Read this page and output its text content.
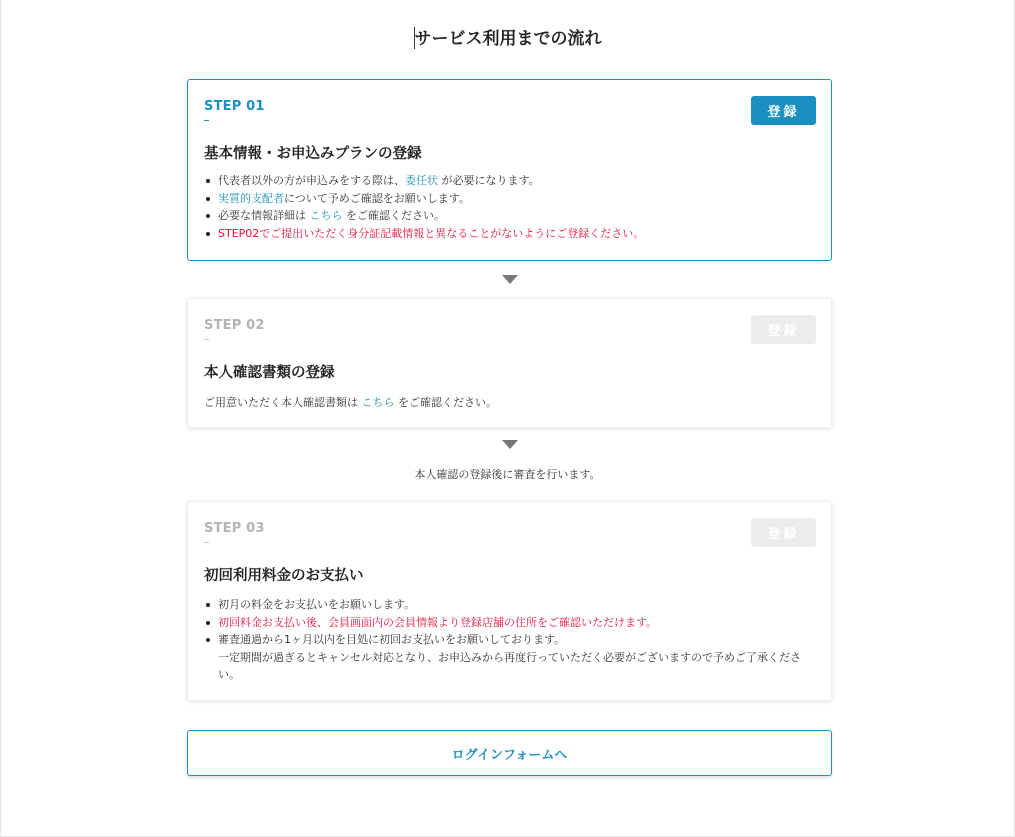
サービス利用までの流れ
STEP 01	登録
基本情報・お申込みプランの登録
代表者以外の方が申込みをする際は、委任状 が必要になります。
実質的支配者について予めご確認をお願いします。
必要な情報詳細は こちら をご確認ください。
STEP02でご提出いただく身分証記載情報と異なることがないようにご登録ください。
STEP 02	登録
本人確認書類の登録
ご用意いただく本人確認書類は こちら をご確認ください。
本人確認の登録後に審査を行います。
STEP 03	登録
初回利用料金のお支払い
初月の料金をお支払いをお願いします。
初回料金お支払い後、会員画面内の会員情報より登録店舗の住所をご確認いただけます。
審査通過から1ヶ月以内を目処に初回お支払いをお願いしております。
一定期間が過ぎるとキャンセル対応となり、お申込みから再度行っていただく必要がございますので予めご了承ください。
ログインフォームへ
